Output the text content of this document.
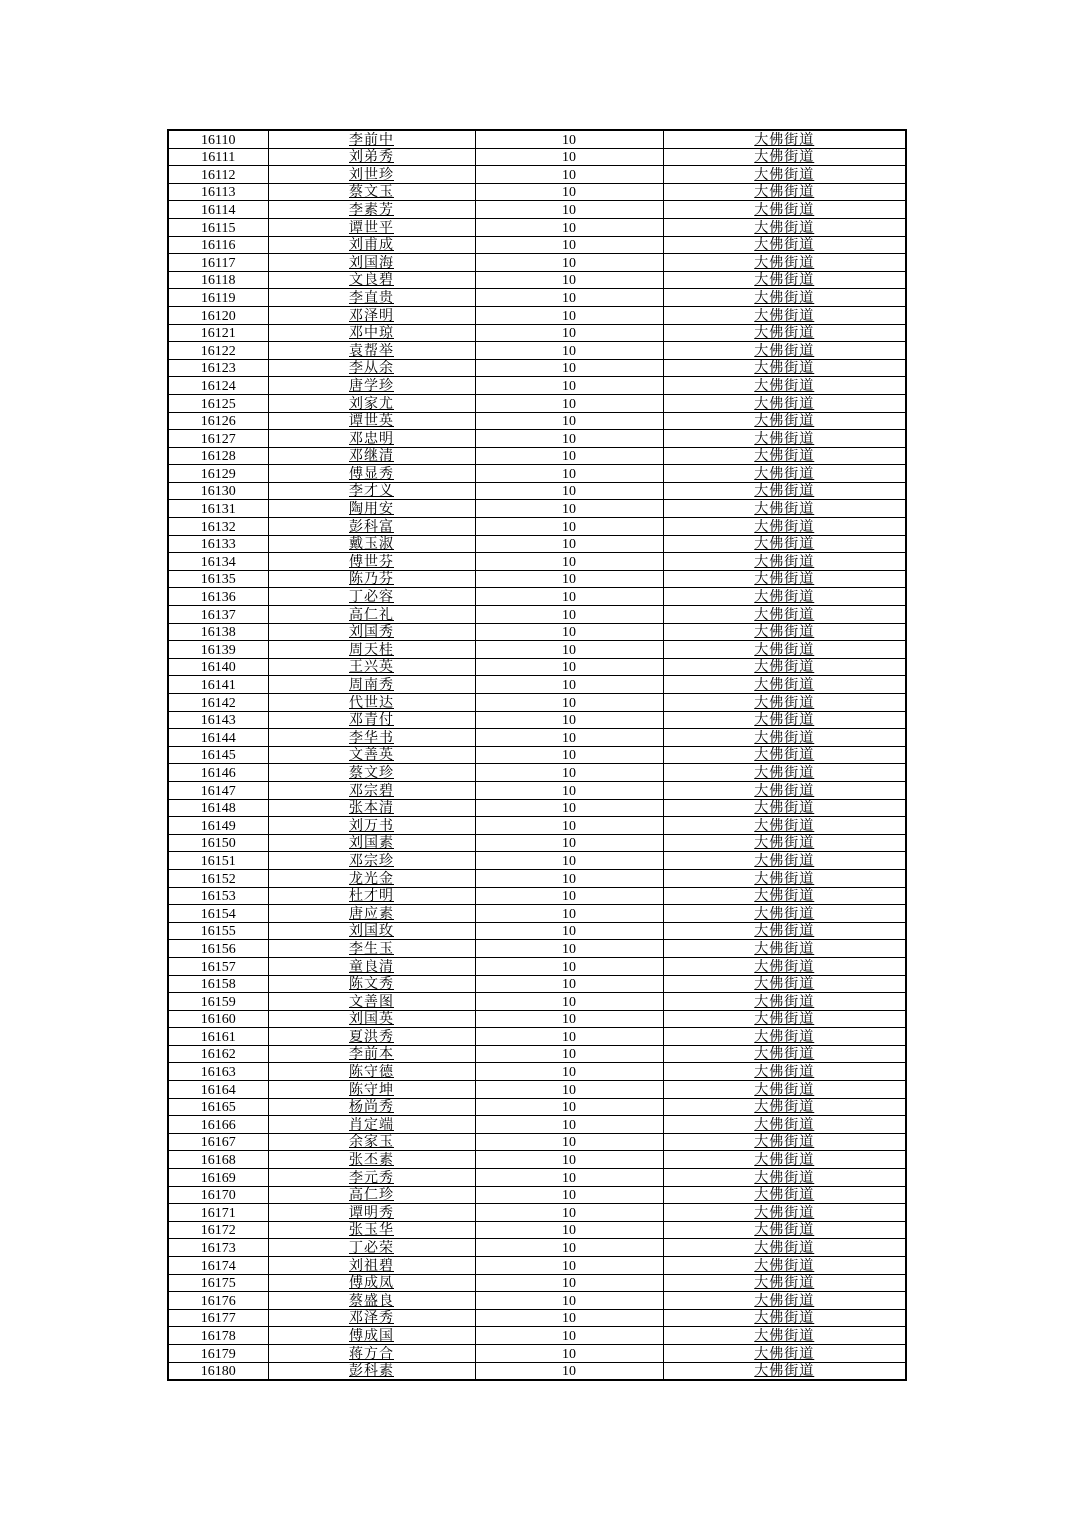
16110	李前中	10	大佛街道
16111	刘弟秀	10	大佛街道
16112	刘世珍	10	大佛街道
16113	蔡文玉	10	大佛街道
16114	李素芳	10	大佛街道
16115	谭世平	10	大佛街道
16116	刘甫成	10	大佛街道
16117	刘国海	10	大佛街道
16118	文良碧	10	大佛街道
16119	李直贵	10	大佛街道
16120	邓泽明	10	大佛街道
16121	邓中琼	10	大佛街道
16122	袁帮举	10	大佛街道
16123	李从余	10	大佛街道
16124	唐学珍	10	大佛街道
16125	刘家尤	10	大佛街道
16126	谭世英	10	大佛街道
16127	邓忠明	10	大佛街道
16128	邓继清	10	大佛街道
16129	傅显秀	10	大佛街道
16130	李才义	10	大佛街道
16131	陶用安	10	大佛街道
16132	彭科富	10	大佛街道
16133	戴玉淑	10	大佛街道
16134	傅世芬	10	大佛街道
16135	陈乃芬	10	大佛街道
16136	丁必容	10	大佛街道
16137	高仁礼	10	大佛街道
16138	刘国秀	10	大佛街道
16139	周天桂	10	大佛街道
16140	王兴英	10	大佛街道
16141	周南秀	10	大佛街道
16142	代世达	10	大佛街道
16143	邓青付	10	大佛街道
16144	李华书	10	大佛街道
16145	文善英	10	大佛街道
16146	蔡文珍	10	大佛街道
16147	邓宗碧	10	大佛街道
16148	张本清	10	大佛街道
16149	刘万书	10	大佛街道
16150	刘国素	10	大佛街道
16151	邓宗珍	10	大佛街道
16152	龙光金	10	大佛街道
16153	杜才明	10	大佛街道
16154	唐应素	10	大佛街道
16155	刘国玫	10	大佛街道
16156	李生玉	10	大佛街道
16157	童良清	10	大佛街道
16158	陈文秀	10	大佛街道
16159	文善图	10	大佛街道
16160	刘国英	10	大佛街道
16161	夏洪秀	10	大佛街道
16162	李前本	10	大佛街道
16163	陈守德	10	大佛街道
16164	陈守坤	10	大佛街道
16165	杨尚秀	10	大佛街道
16166	肖定端	10	大佛街道
16167	余家玉	10	大佛街道
16168	张丕素	10	大佛街道
16169	李元秀	10	大佛街道
16170	高仁珍	10	大佛街道
16171	谭明秀	10	大佛街道
16172	张玉华	10	大佛街道
16173	丁必荣	10	大佛街道
16174	刘祖碧	10	大佛街道
16175	傅成凤	10	大佛街道
16176	蔡盛良	10	大佛街道
16177	邓泽秀	10	大佛街道
16178	傅成国	10	大佛街道
16179	蒋方合	10	大佛街道
16180	彭科素	10	大佛街道
